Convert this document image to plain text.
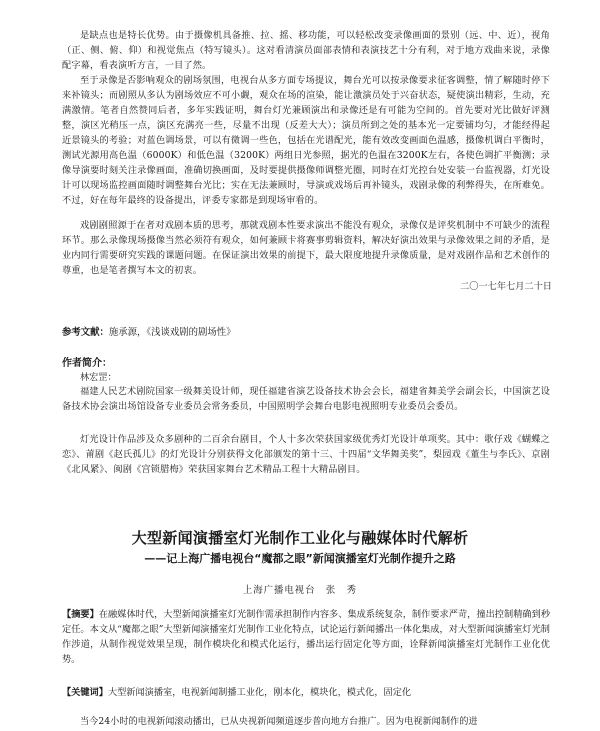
是缺点也是特长优势。由于摄像机具备推、拉、摇、移功能，可以轻松改变录像画面的景别（远、中、近），视角（正、侧、俯、仰）和视觉焦点（特写镜头）。这对看清演员面部表情和表演技艺十分有利，对于地方戏曲来说，录像配字幕，看表演听方言，一目了然。

至于录像是否影响观众的剧场氛围，电视台从多方面专场提议，舞台光可以按录像要求征客调整，情了解随时停下来补镜头；而剧照从多认为剧场效应不可小觑，观众在场的渲染，能让激演员处于兴奋状态，疑使演出精彩，生动，充满激情。笔者自然赞同后者，多年实践证明，舞台灯光兼顾演出和录像还是有可能为空间的。首先要对光比做好评测整，演区光稍压一点，演区充满亮一些，尽量不出现（反差大大）；演员所到之处的基本光一定要铺均匀，才能经得起近景镜头的考验；对蓝色调场景，可以有微调一些色，包括在光谱配光，能有效改变画面色温感，摄像机调白平衡时，测试光源用高色温（6000K）和低色温（3200K）两组日光参照，据光的色温在3200K左右，各使色调扩平衡测；录像导演要时刻关注录像画面，准确切换画面，及时要提供摄像师调整光圈，同时在灯光控台处安装一台监视器，灯光设计可以现场监控画面随时调整舞台光比；实在无法兼顾时，导演或戏场后再补镜头，戏剧录像的利弊得失，在所难免。不过，好在每年最终的设备提出，评委专家都是到现场审看的。

戏剧剧照源于在者对戏剧本质的思考，那就戏剧本性要求演出不能没有观众，录像仅是评奖机制中不可缺少的流程环节。那么录像现场摄像当然必须符有观众，如何兼顾卡将赛事剪辑资料，解决好演出效果与录像效果之间的矛盾，是业内同行需要研究实践的课题问题。在保证演出效果的前提下，最大限度地提升录像质量，是对戏剧作品和艺术创作的尊重，也是笔者撰写本文的初衷。

二〇一七年七月二十日
参考文献：施承源，《浅谈戏剧的剧场性》
作者简介：
林宏罡：

福建人民艺术剧院国家一级舞美设计师，现任福建省演艺设备技术协会会长，福建省舞美学会副会长，中国演艺设备技术协会演出场馆设备专业委员会常务委员，中国照明学会舞台电影电视照明专业委员会委员。

灯光设计作品涉及众多剧种的二百余台剧目，个人十多次荣获国家级优秀灯光设计单项奖。其中：歌仔戏《蝴蝶之恋》、莆剧《赵氏孤儿》的灯光设计分别获得文化部颁发的第十三、十四届“文华舞美奖”，梨园戏《董生与李氏》、京剧《北风紧》、闽剧《宫锁腊梅》荣获国家舞台艺术精品工程十大精品剧目。

大型新闻演播室灯光制作工业化与融媒体时代解析
——记上海广播电视台“魔都之眼”新闻演播室灯光制作提升之路
上海广播电视台　张　秀

【摘要】在融媒体时代，大型新闻演播室灯光制作需承担制作内容多、集成系统复杂，制作要求严苛，撞出控制精确到秒定任。本文从“魔都之眼”大型新闻演播室灯光制作工业化特点，试论运行新闻播出一体化集成，对大型新闻演播室灯光制作涉道，从制作视觉效果呈现，制作模块化和模式化运行，播出运行固定化等方面，诠释新闻演播室灯光制作工业化优势。

【关键词】大型新闻演播室，电视新闻制播工业化，刚本化，模块化，模式化，固定化

当今24小时的电视新闻滚动播出，已从央视新闻频道逐步普向地方台推广。因为电视新闻制作的进
